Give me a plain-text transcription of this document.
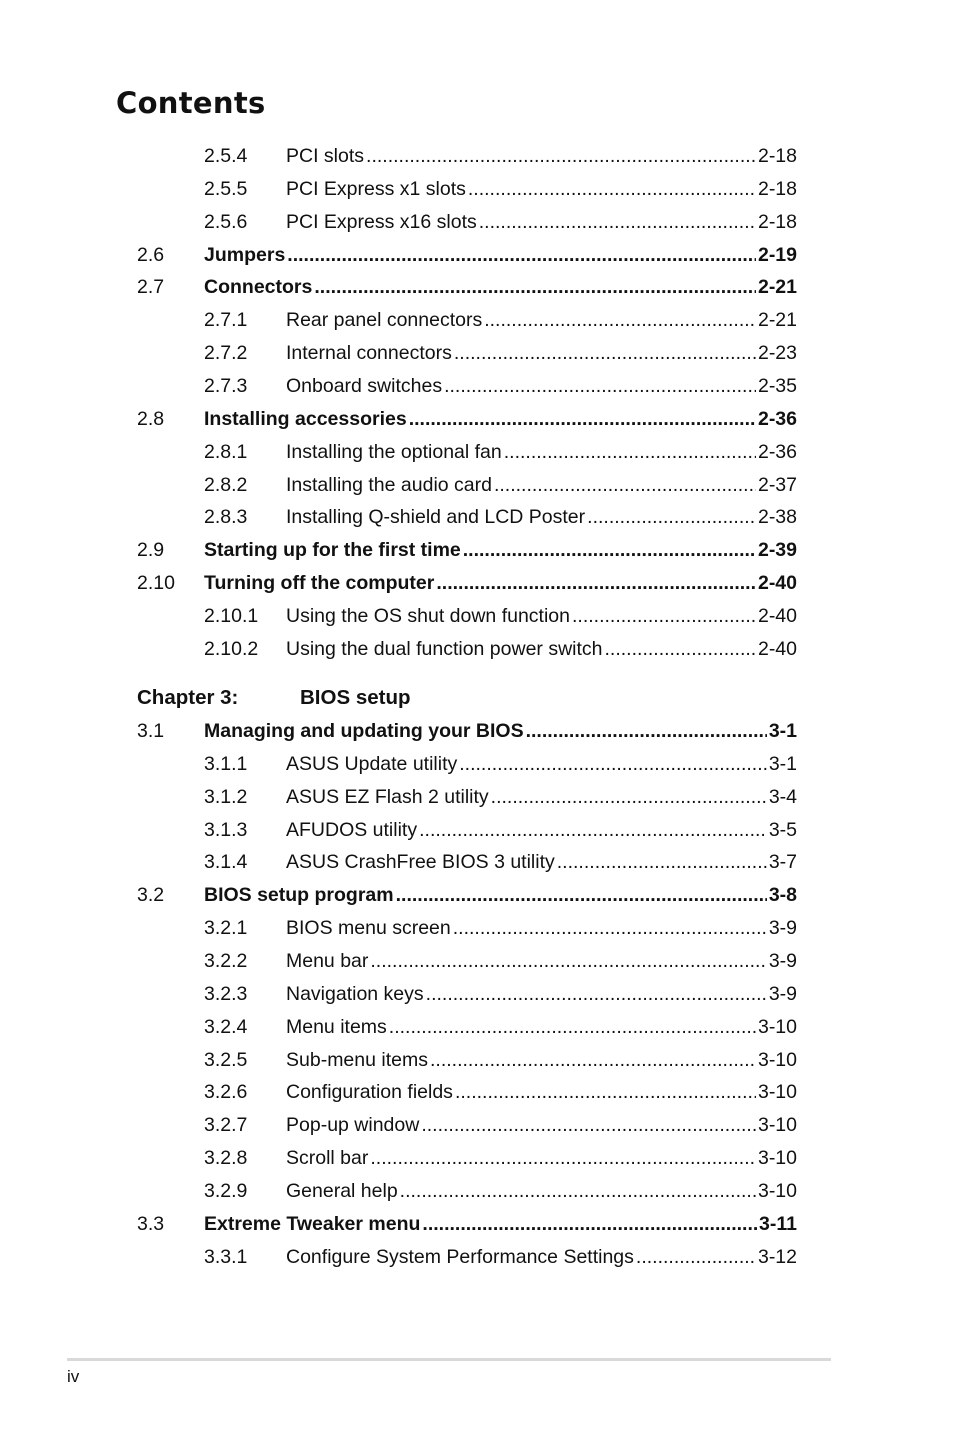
Contents
2.5.4 PCI slots .....	2-18
2.5.5 PCI Express x1 slots .....	2-18
2.5.6 PCI Express x16 slots .....	2-18
2.6 Jumpers .....	2-19
2.7 Connectors .....	2-21
2.7.1 Rear panel connectors .....	2-21
2.7.2 Internal connectors .....	2-23
2.7.3 Onboard switches .....	2-35
2.8 Installing accessories .....	2-36
2.8.1 Installing the optional fan .....	2-36
2.8.2 Installing the audio card .....	2-37
2.8.3 Installing Q-shield and LCD Poster .....	2-38
2.9 Starting up for the first time .....	2-39
2.10 Turning off the computer .....	2-40
2.10.1 Using the OS shut down function .....	2-40
2.10.2 Using the dual function power switch .....	2-40
Chapter 3:	BIOS setup
3.1 Managing and updating your BIOS .....	3-1
3.1.1 ASUS Update utility .....	3-1
3.1.2 ASUS EZ Flash 2 utility .....	3-4
3.1.3 AFUDOS utility .....	3-5
3.1.4 ASUS CrashFree BIOS 3 utility .....	3-7
3.2 BIOS setup program .....	3-8
3.2.1 BIOS menu screen .....	3-9
3.2.2 Menu bar .....	3-9
3.2.3 Navigation keys .....	3-9
3.2.4 Menu items .....	3-10
3.2.5 Sub-menu items .....	3-10
3.2.6 Configuration fields .....	3-10
3.2.7 Pop-up window .....	3-10
3.2.8 Scroll bar .....	3-10
3.2.9 General help .....	3-10
3.3 Extreme Tweaker menu .....	3-11
3.3.1 Configure System Performance Settings .....	3-12
iv
